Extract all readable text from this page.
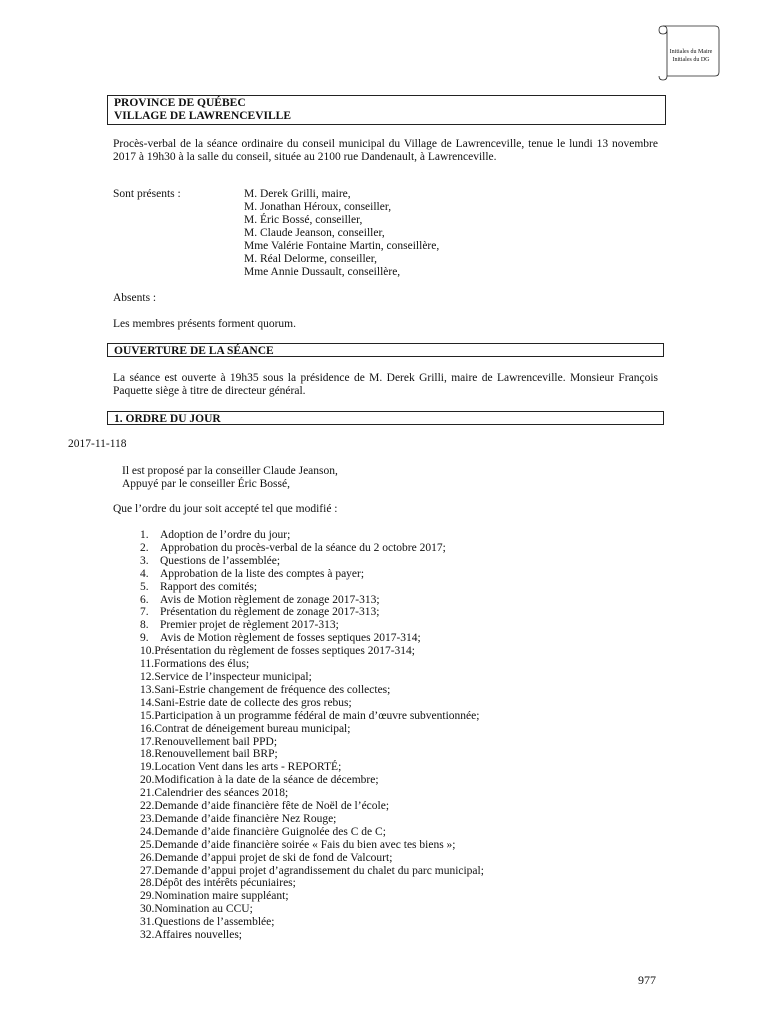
Initiales du Maire
Initiales du DG
PROVINCE DE QUÉBEC
VILLAGE DE LAWRENCEVILLE
Procès-verbal de la séance ordinaire du conseil municipal du Village de Lawrenceville, tenue le lundi 13 novembre 2017 à 19h30 à la salle du conseil, située au 2100 rue Dandenault, à Lawrenceville.
Sont présents :	M. Derek Grilli, maire,
M. Jonathan Héroux, conseiller,
M. Éric Bossé, conseiller,
M. Claude Jeanson, conseiller,
Mme Valérie Fontaine Martin, conseillère,
M. Réal Delorme, conseiller,
Mme Annie Dussault, conseillère,
Absents :
Les membres présents forment quorum.
OUVERTURE DE LA SÉANCE
La séance est ouverte à 19h35 sous la présidence de M. Derek Grilli, maire de Lawrenceville. Monsieur François Paquette siège à titre de directeur général.
1. ORDRE DU JOUR
2017-11-118
Il est proposé par la conseiller Claude Jeanson,
Appuyé par le conseiller Éric Bossé,
Que l’ordre du jour soit accepté tel que modifié :
1. Adoption de l’ordre du jour;
2. Approbation du procès-verbal de la séance du 2 octobre 2017;
3. Questions de l’assemblée;
4. Approbation de la liste des comptes à payer;
5. Rapport des comités;
6. Avis de Motion règlement de zonage 2017-313;
7. Présentation du règlement de zonage 2017-313;
8. Premier projet de règlement 2017-313;
9. Avis de Motion règlement de fosses septiques 2017-314;
10.Présentation du règlement de fosses septiques 2017-314;
11.Formations des élus;
12.Service de l’inspecteur municipal;
13.Sani-Estrie changement de fréquence des collectes;
14.Sani-Estrie date de collecte des gros rebus;
15.Participation à un programme fédéral de main d’œuvre subventionnée;
16.Contrat de déneigement bureau municipal;
17.Renouvellement bail PPD;
18.Renouvellement bail BRP;
19.Location Vent dans les arts - REPORTÉ;
20.Modification à la date de la séance de décembre;
21.Calendrier des séances 2018;
22.Demande d’aide financière fête de Noël de l’école;
23.Demande d’aide financière Nez Rouge;
24.Demande d’aide financière Guignolée des C de C;
25.Demande d’aide financière soirée « Fais du bien avec tes biens »;
26.Demande d’appui projet de ski de fond de Valcourt;
27.Demande d’appui projet d’agrandissement du chalet du parc municipal;
28.Dépôt des intérêts pécuniaires;
29.Nomination maire suppléant;
30.Nomination au CCU;
31.Questions de l’assemblée;
32.Affaires nouvelles;
977
